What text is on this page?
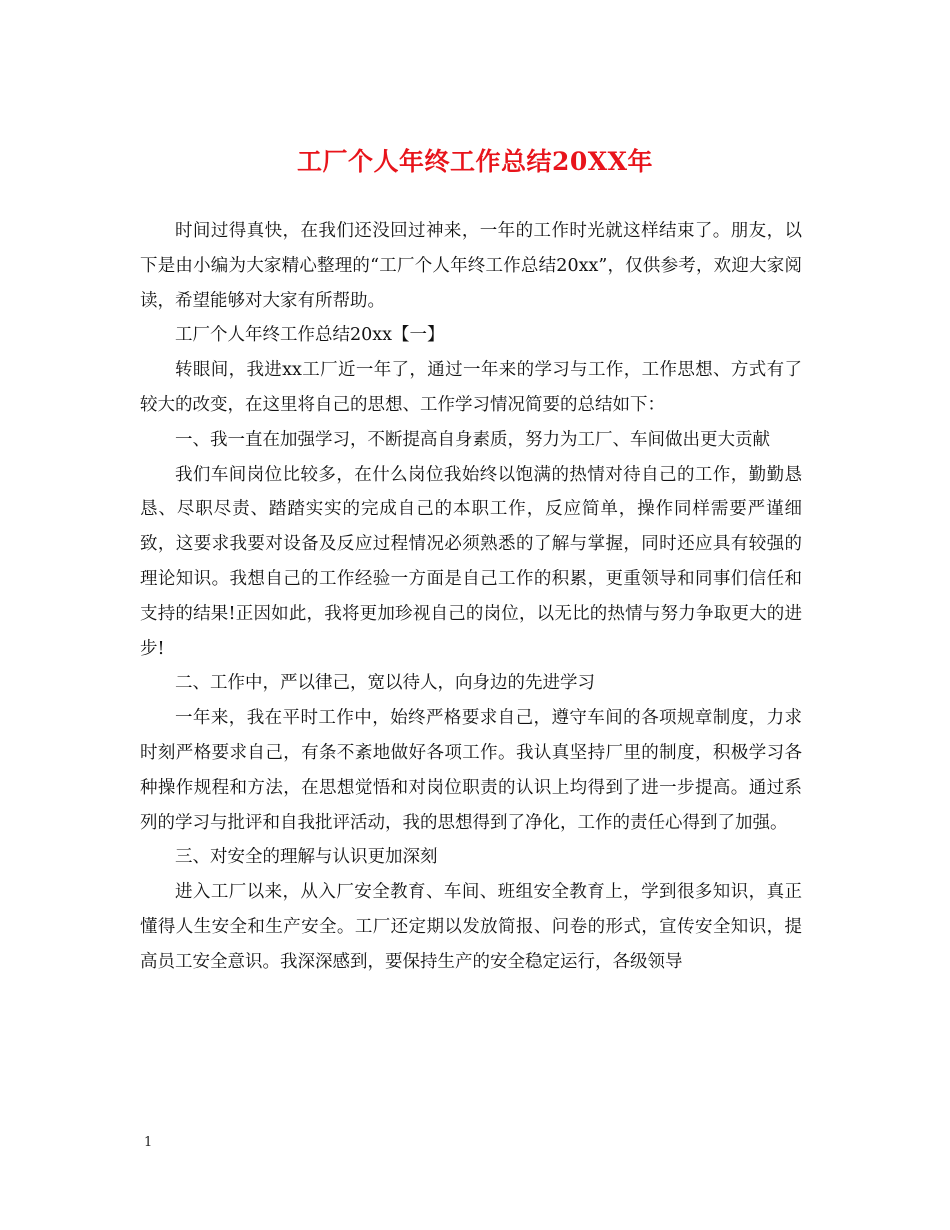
工厂个人年终工作总结20XX年

时间过得真快，在我们还没回过神来，一年的工作时光就这样结束了。朋友，以下是由小编为大家精心整理的“工厂个人年终工作总结20xx”，仅供参考，欢迎大家阅读，希望能够对大家有所帮助。

工厂个人年终工作总结20xx【一】

转眼间，我进xx工厂近一年了，通过一年来的学习与工作，工作思想、方式有了较大的改变，在这里将自己的思想、工作学习情况简要的总结如下：

一、我一直在加强学习，不断提高自身素质，努力为工厂、车间做出更大贡献

我们车间岗位比较多，在什么岗位我始终以饱满的热情对待自己的工作，勤勤恳恳、尽职尽责、踏踏实实的完成自己的本职工作，反应简单，操作同样需要严谨细致，这要求我要对设备及反应过程情况必须熟悉的了解与掌握，同时还应具有较强的理论知识。我想自己的工作经验一方面是自己工作的积累，更重领导和同事们信任和支持的结果!正因如此，我将更加珍视自己的岗位，以无比的热情与努力争取更大的进步!

二、工作中，严以律己，宽以待人，向身边的先进学习

一年来，我在平时工作中，始终严格要求自己，遵守车间的各项规章制度，力求时刻严格要求自己，有条不紊地做好各项工作。我认真坚持厂里的制度，积极学习各种操作规程和方法，在思想觉悟和对岗位职责的认识上均得到了进一步提高。通过系列的学习与批评和自我批评活动，我的思想得到了净化，工作的责任心得到了加强。

三、对安全的理解与认识更加深刻

进入工厂以来，从入厂安全教育、车间、班组安全教育上，学到很多知识，真正懂得人生安全和生产安全。工厂还定期以发放简报、问卷的形式，宣传安全知识，提高员工安全意识。我深深感到，要保持生产的安全稳定运行，各级领导

1
